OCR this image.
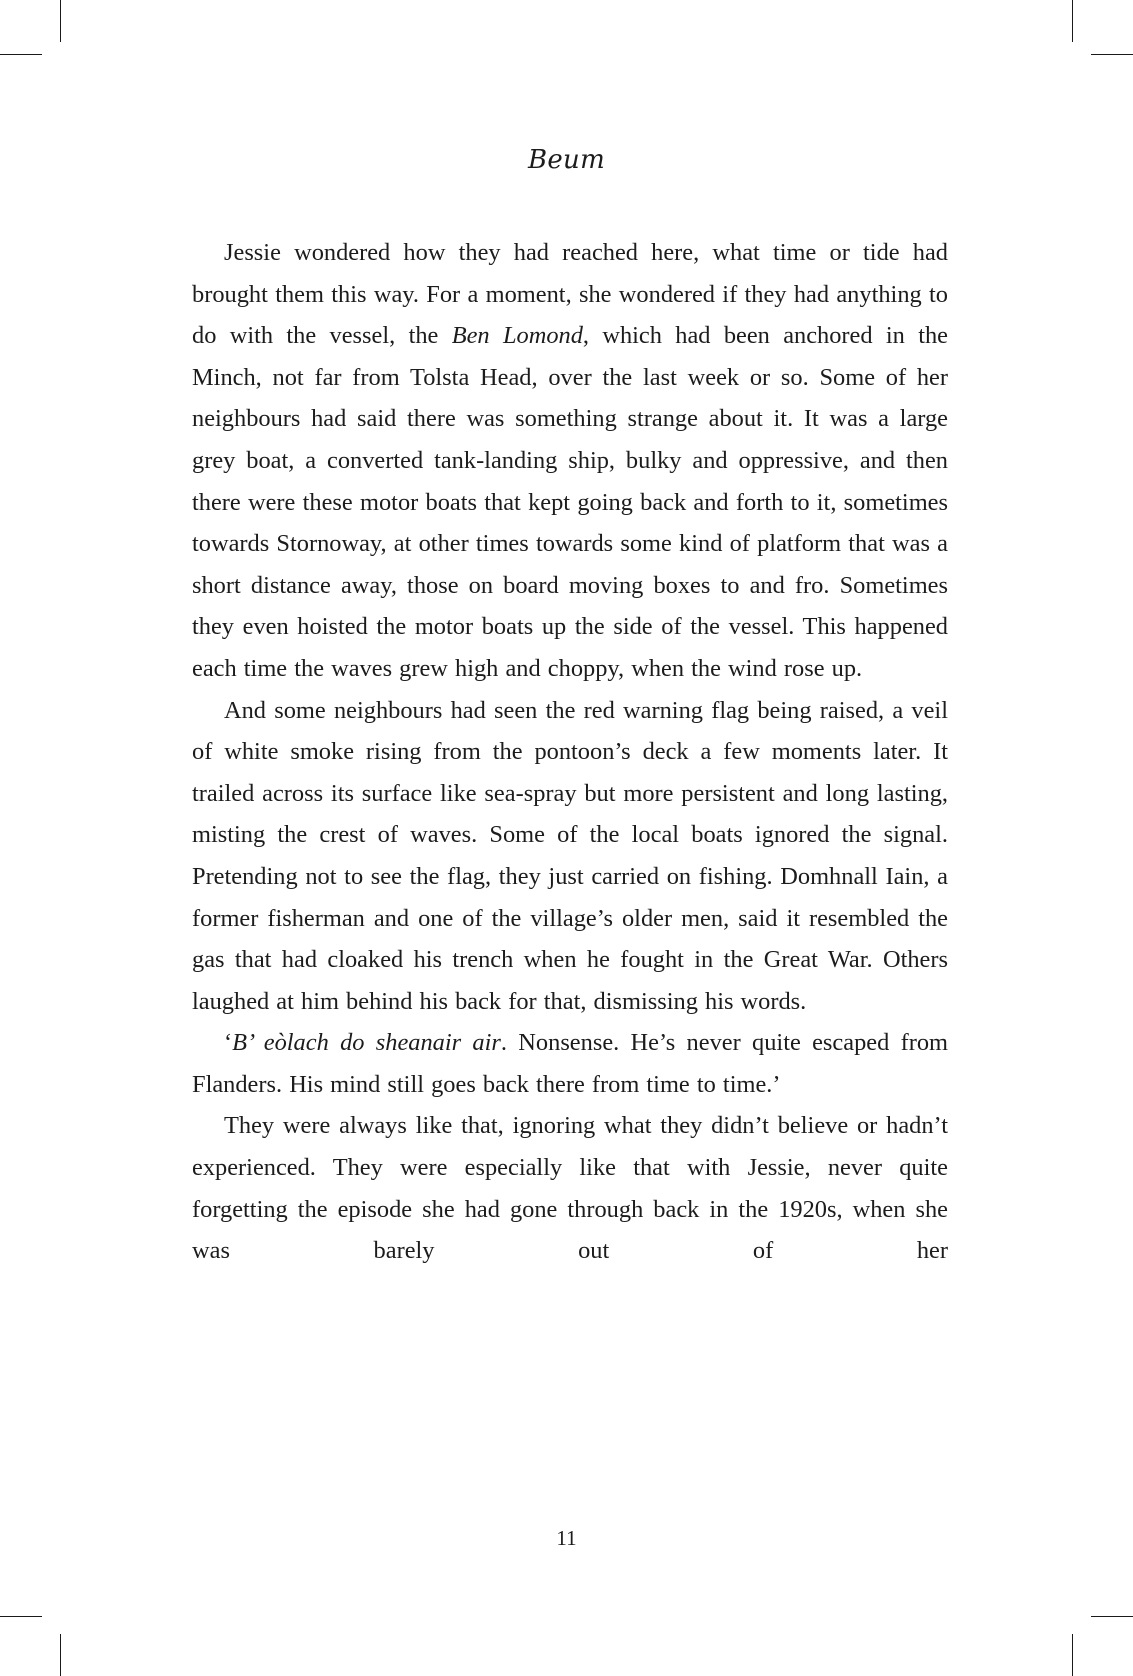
Beum

Jessie wondered how they had reached here, what time or tide had brought them this way. For a moment, she wondered if they had anything to do with the vessel, the Ben Lomond, which had been anchored in the Minch, not far from Tolsta Head, over the last week or so. Some of her neighbours had said there was something strange about it. It was a large grey boat, a converted tank-landing ship, bulky and oppressive, and then there were these motor boats that kept going back and forth to it, sometimes towards Stornoway, at other times towards some kind of platform that was a short distance away, those on board moving boxes to and fro. Sometimes they even hoisted the motor boats up the side of the vessel. This happened each time the waves grew high and choppy, when the wind rose up.

And some neighbours had seen the red warning flag being raised, a veil of white smoke rising from the pontoon’s deck a few moments later. It trailed across its surface like sea-spray but more persistent and long lasting, misting the crest of waves. Some of the local boats ignored the signal. Pretending not to see the flag, they just carried on fishing. Domhnall Iain, a former fisherman and one of the village’s older men, said it resembled the gas that had cloaked his trench when he fought in the Great War. Others laughed at him behind his back for that, dismissing his words.

‘B’ eòlach do sheanair air. Nonsense. He’s never quite escaped from Flanders. His mind still goes back there from time to time.’

They were always like that, ignoring what they didn’t believe or hadn’t experienced. They were especially like that with Jessie, never quite forgetting the episode she had gone through back in the 1920s, when she was barely out of her

11
